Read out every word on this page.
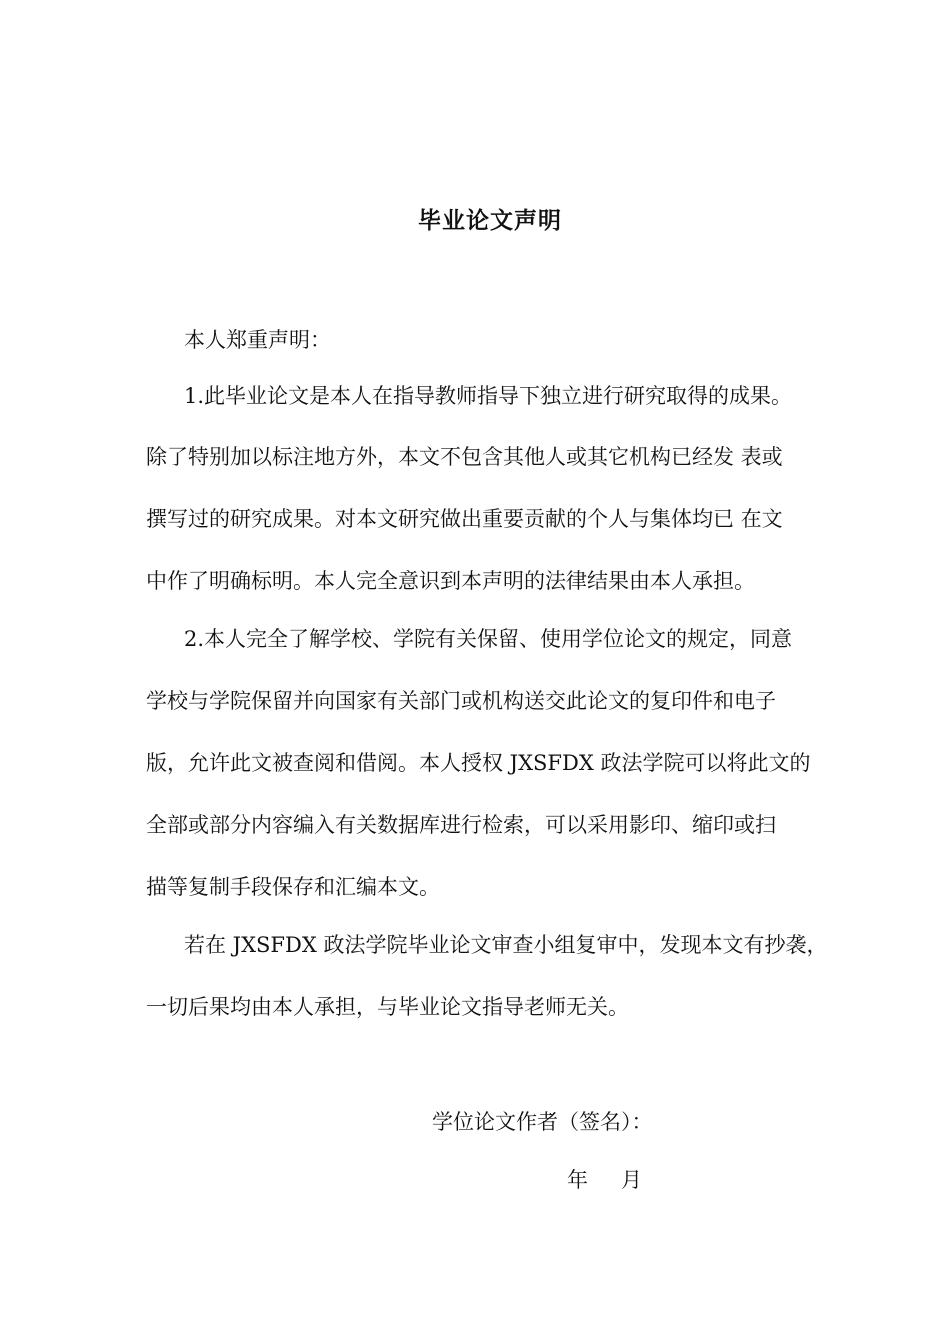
毕业论文声明
本人郑重声明：
1.此毕业论文是本人在指导教师指导下独立进行研究取得的成果。
除了特别加以标注地方外，本文不包含其他人或其它机构已经发 表或
撰写过的研究成果。对本文研究做出重要贡献的个人与集体均已 在文
中作了明确标明。本人完全意识到本声明的法律结果由本人承担。
2.本人完全了解学校、学院有关保留、使用学位论文的规定，同意
学校与学院保留并向国家有关部门或机构送交此论文的复印件和电子
版，允许此文被查阅和借阅。本人授权 JXSFDX 政法学院可以将此文的
全部或部分内容编入有关数据库进行检索，可以采用影印、缩印或扫
描等复制手段保存和汇编本文。
若在 JXSFDX 政法学院毕业论文审查小组复审中，发现本文有抄袭，
一切后果均由本人承担，与毕业论文指导老师无关。
学位论文作者（签名）：
年 月
